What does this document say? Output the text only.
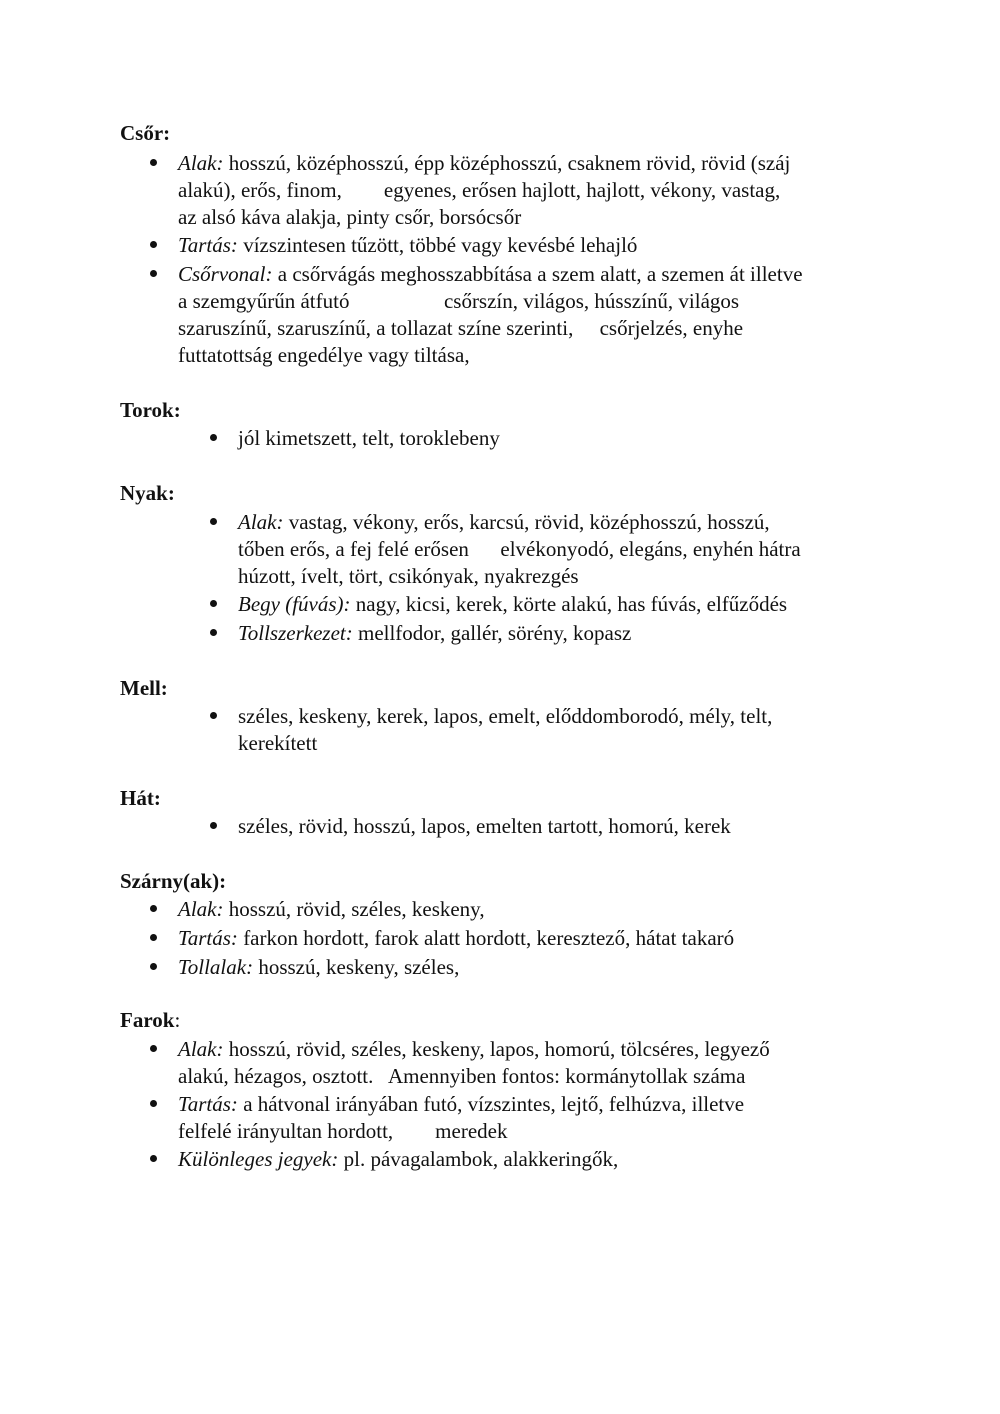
Csőr:
Alak: hosszú, középhosszú, épp középhosszú, csaknem rövid, rövid (száj
alakú), erős, finom,        egyenes, erősen hajlott, hajlott, vékony, vastag,
az alsó káva alakja, pinty csőr, borsócsőr
Tartás: vízszintesen tűzött, többé vagy kevésbé lehajló
Csőrvonal: a csőrvágás meghosszabbítása a szem alatt, a szemen át illetve
a szemgyűrűn átfutó                  csőrszín, világos, hússzínű, világos
szaruszínű, szaruszínű, a tollazat színe szerinti,     csőrjelzés, enyhe
futtatottság engedélye vagy tiltása,
Torok:
jól kimetszett, telt, toroklebeny
Nyak:
Alak: vastag, vékony, erős, karcsú, rövid, középhosszú, hosszú,
tőben erős, a fej felé erősen      elvékonyodó, elegáns, enyhén hátra
húzott, ívelt, tört, csikónyak, nyakrezgés
Begy (fúvás): nagy, kicsi, kerek, körte alakú, has fúvás, elfűződés
Tollszerkezet: mellfodor, gallér, sörény, kopasz
Mell:
széles, keskeny, kerek, lapos, emelt, előddomborodó, mély, telt,
kerekített
Hát:
széles, rövid, hosszú, lapos, emelten tartott, homorú, kerek
Szárny(ak):
Alak: hosszú, rövid, széles, keskeny,
Tartás: farkon hordott, farok alatt hordott, keresztező, hátat takaró
Tollalak: hosszú, keskeny, széles,
Farok:
Alak: hosszú, rövid, széles, keskeny, lapos, homorú, tölcséres, legyező
alakú, hézagos, osztott.   Amennyiben fontos: kormánytollak száma
Tartás: a hátvonal irányában futó, vízszintes, lejtő, felhúzva, illetve
felfelé irányultan hordott,        meredek
Különleges jegyek: pl. pávagalambok, alakkeringők,
